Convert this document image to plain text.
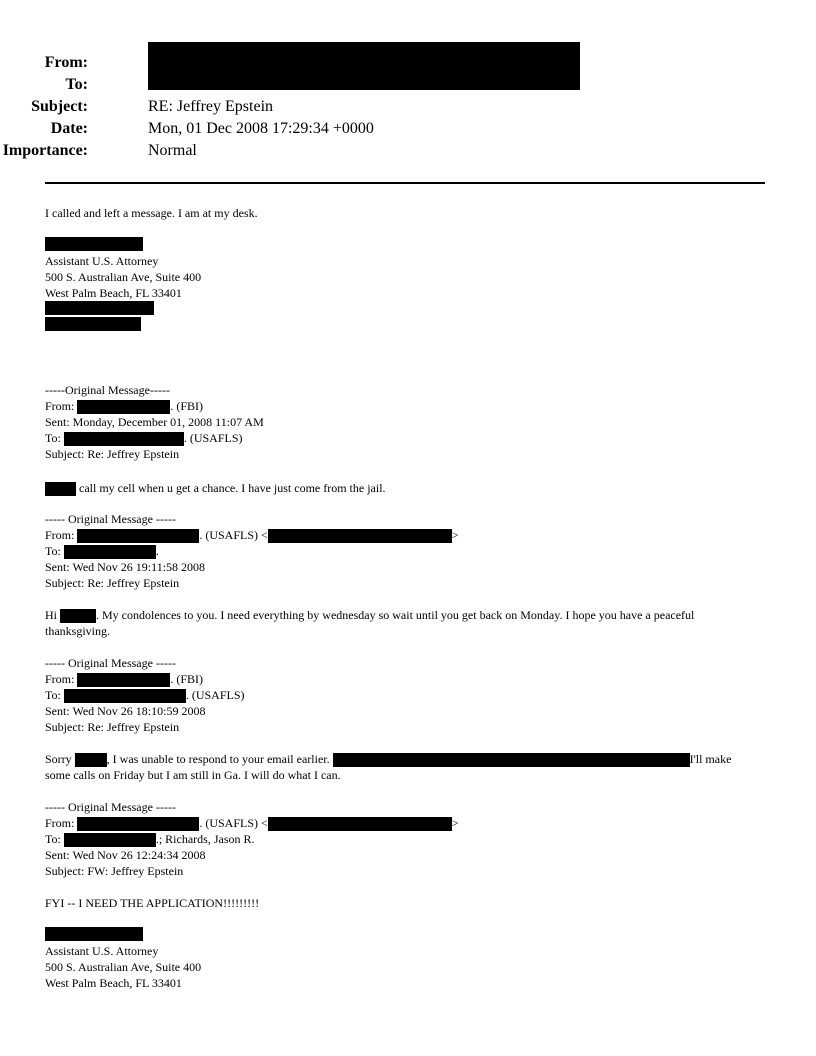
From:
To:
Subject:	RE: Jeffrey Epstein
Date:	Mon, 01 Dec 2008 17:29:34 +0000
Importance:	Normal
I called and left a message. I am at my desk.
Assistant U.S. Attorney
500 S. Australian Ave, Suite 400
West Palm Beach, FL 33401
-----Original Message-----
From:	. (FBI)
Sent: Monday, December 01, 2008 11:07 AM
To:	. (USAFLS)
Subject: Re: Jeffrey Epstein
call my cell when u get a chance. I have just come from the jail.
----- Original Message -----
From:	. (USAFLS) <	>
To:	.
Sent: Wed Nov 26 19:11:58 2008
Subject: Re: Jeffrey Epstein
Hi	. My condolences to you. I need everything by wednesday so wait until you get back on Monday. I hope you have a peaceful
thanksgiving.
----- Original Message -----
From:	. (FBI)
To:	. (USAFLS)
Sent: Wed Nov 26 18:10:59 2008
Subject: Re: Jeffrey Epstein
Sorry	, I was unable to respond to your email earlier.	I'll make
some calls on Friday but I am still in Ga. I will do what I can.
----- Original Message -----
From:	. (USAFLS) <	>
To:	.; Richards, Jason R.
Sent: Wed Nov 26 12:24:34 2008
Subject: FW: Jeffrey Epstein
FYI -- I NEED THE APPLICATION!!!!!!!!!
Assistant U.S. Attorney
500 S. Australian Ave, Suite 400
West Palm Beach, FL 33401
